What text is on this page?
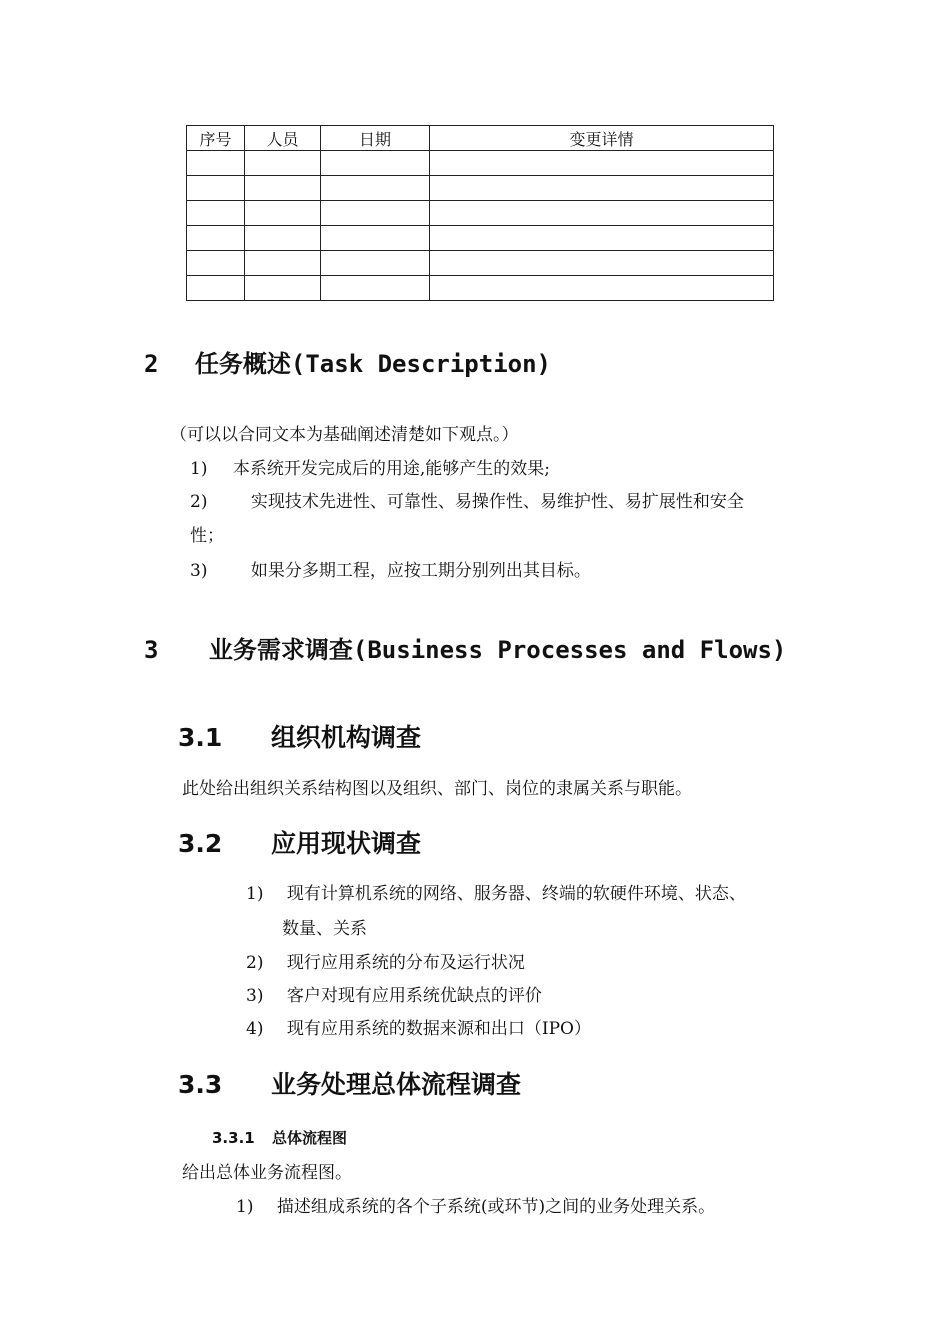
序号	人员	日期	变更详情

2 任务概述(Task Description)
（可以以合同文本为基础阐述清楚如下观点。）
1) 本系统开发完成后的用途,能够产生的效果;
2)	实现技术先进性、可靠性、易操作性、易维护性、易扩展性和安全
性；
3)	如果分多期工程，应按工期分别列出其目标。
3 业务需求调查(Business Processes and Flows)
3.1 组织机构调查
此处给出组织关系结构图以及组织、部门、岗位的隶属关系与职能。
3.2 应用现状调查
1) 现有计算机系统的网络、服务器、终端的软硬件环境、状态、
数量、关系
2) 现行应用系统的分布及运行状况
3) 客户对现有应用系统优缺点的评价
4) 现有应用系统的数据来源和出口（IPO）
3.3 业务处理总体流程调查
3.3.1 总体流程图
给出总体业务流程图。
1) 描述组成系统的各个子系统(或环节)之间的业务处理关系。
